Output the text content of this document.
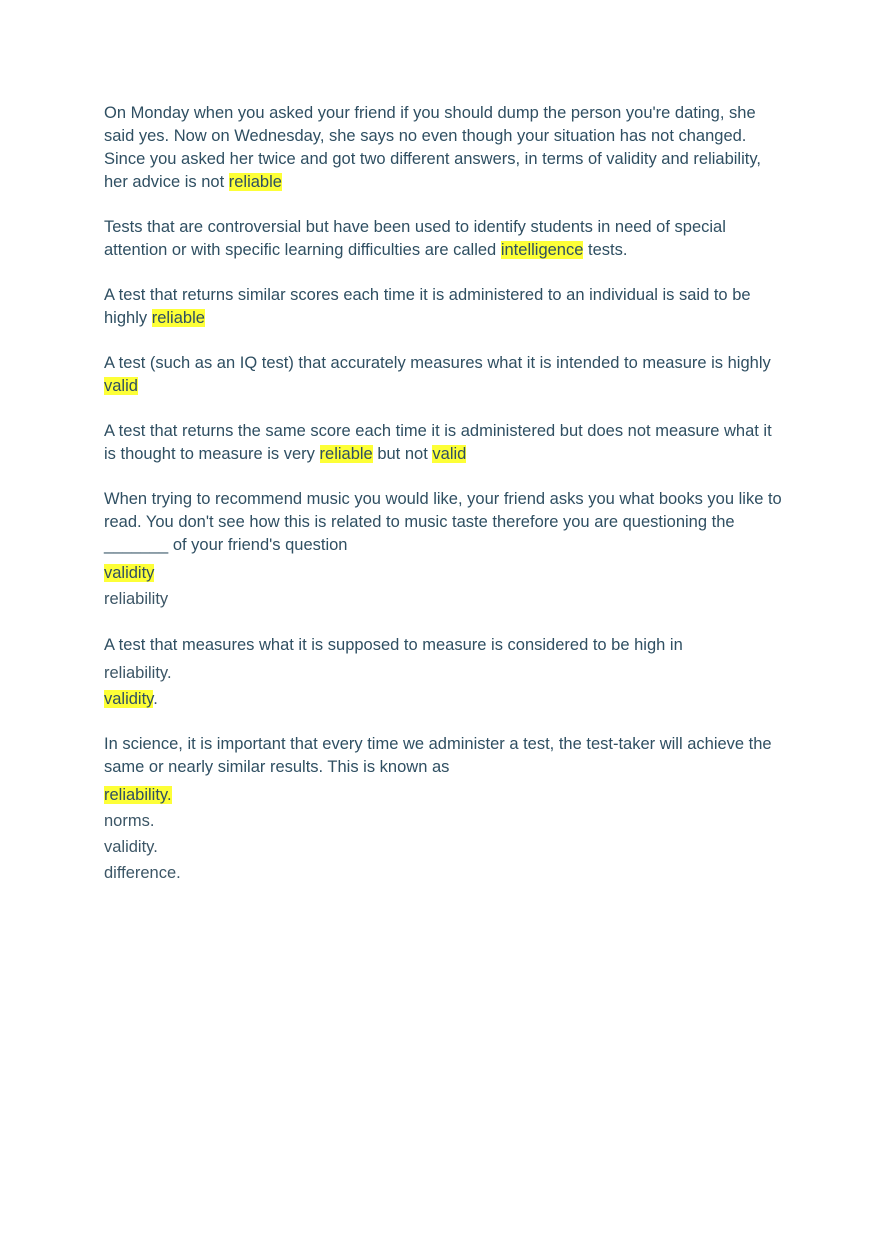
On Monday when you asked your friend if you should dump the person you're dating, she said yes. Now on Wednesday, she says no even though your situation has not changed. Since you asked her twice and got two different answers, in terms of validity and reliability, her advice is not reliable

Tests that are controversial but have been used to identify students in need of special attention or with specific learning difficulties are called intelligence tests.

A test that returns similar scores each time it is administered to an individual is said to be highly reliable

A test (such as an IQ test) that accurately measures what it is intended to measure is highly valid

A test that returns the same score each time it is administered but does not measure what it is thought to measure is very reliable but not valid

When trying to recommend music you would like, your friend asks you what books you like to read. You don't see how this is related to music taste therefore you are questioning the _______ of your friend's question

validity
reliability

A test that measures what it is supposed to measure is considered to be high in

reliability.
validity.

In science, it is important that every time we administer a test, the test-taker will achieve the same or nearly similar results. This is known as

reliability.
norms.
validity.
difference.
